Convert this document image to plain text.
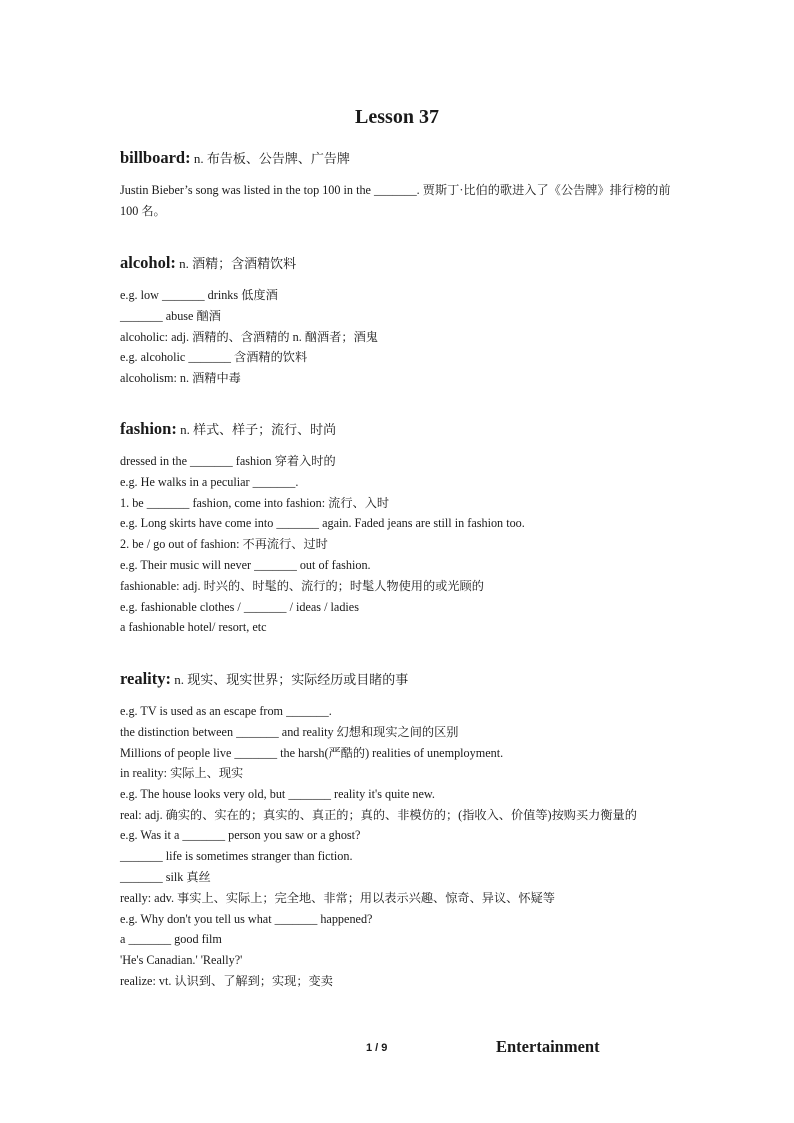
Lesson 37
billboard: n. 布告板、公告牌、广告牌
Justin Bieber’s song was listed in the top 100 in the _______. 贾斯丁·比伯的歌进入了《公告牌》排行榜的前 100 名。
alcohol: n. 酒精；含酒精饮料
e.g. low _______ drinks 低度酒
_______ abuse 酗酒
alcoholic: adj. 酒精的、含酒精的 n. 酗酒者；酒鬼
e.g. alcoholic _______ 含酒精的饮料
alcoholism: n. 酒精中毒
fashion: n. 样式、样子；流行、时尚
dressed in the _______ fashion 穿着入时的
e.g. He walks in a peculiar _______.
1. be _______ fashion, come into fashion: 流行、入时
e.g. Long skirts have come into _______ again. Faded jeans are still in fashion too.
2. be / go out of fashion: 不再流行、过时
e.g. Their music will never _______ out of fashion.
fashionable: adj. 时兴的、时髦的、流行的；时髦人物使用的或光顾的
e.g. fashionable clothes / _______ / ideas / ladies
a fashionable hotel/ resort, etc
reality: n. 现实、现实世界；实际经历或目睹的事
e.g. TV is used as an escape from _______.
the distinction between _______ and reality 幻想和现实之间的区别
Millions of people live _______ the harsh(严酷的) realities of unemployment.
in reality: 实际上、现实
e.g. The house looks very old, but _______ reality it's quite new.
real: adj. 确实的、实在的；真实的、真正的；真的、非模仿的；(指收入、价值等)按购买力衡量的
e.g. Was it a _______ person you saw or a ghost?
_______ life is sometimes stranger than fiction.
_______ silk 真丝
really: adv. 事实上、实际上；完全地、非常；用以表示兴趣、惊奇、异议、怀疑等
e.g. Why don't you tell us what _______ happened?
a _______ good film
'He's Canadian.' 'Really?'
realize: vt. 认识到、了解到；实现；变卖
1 / 9	Entertainment
